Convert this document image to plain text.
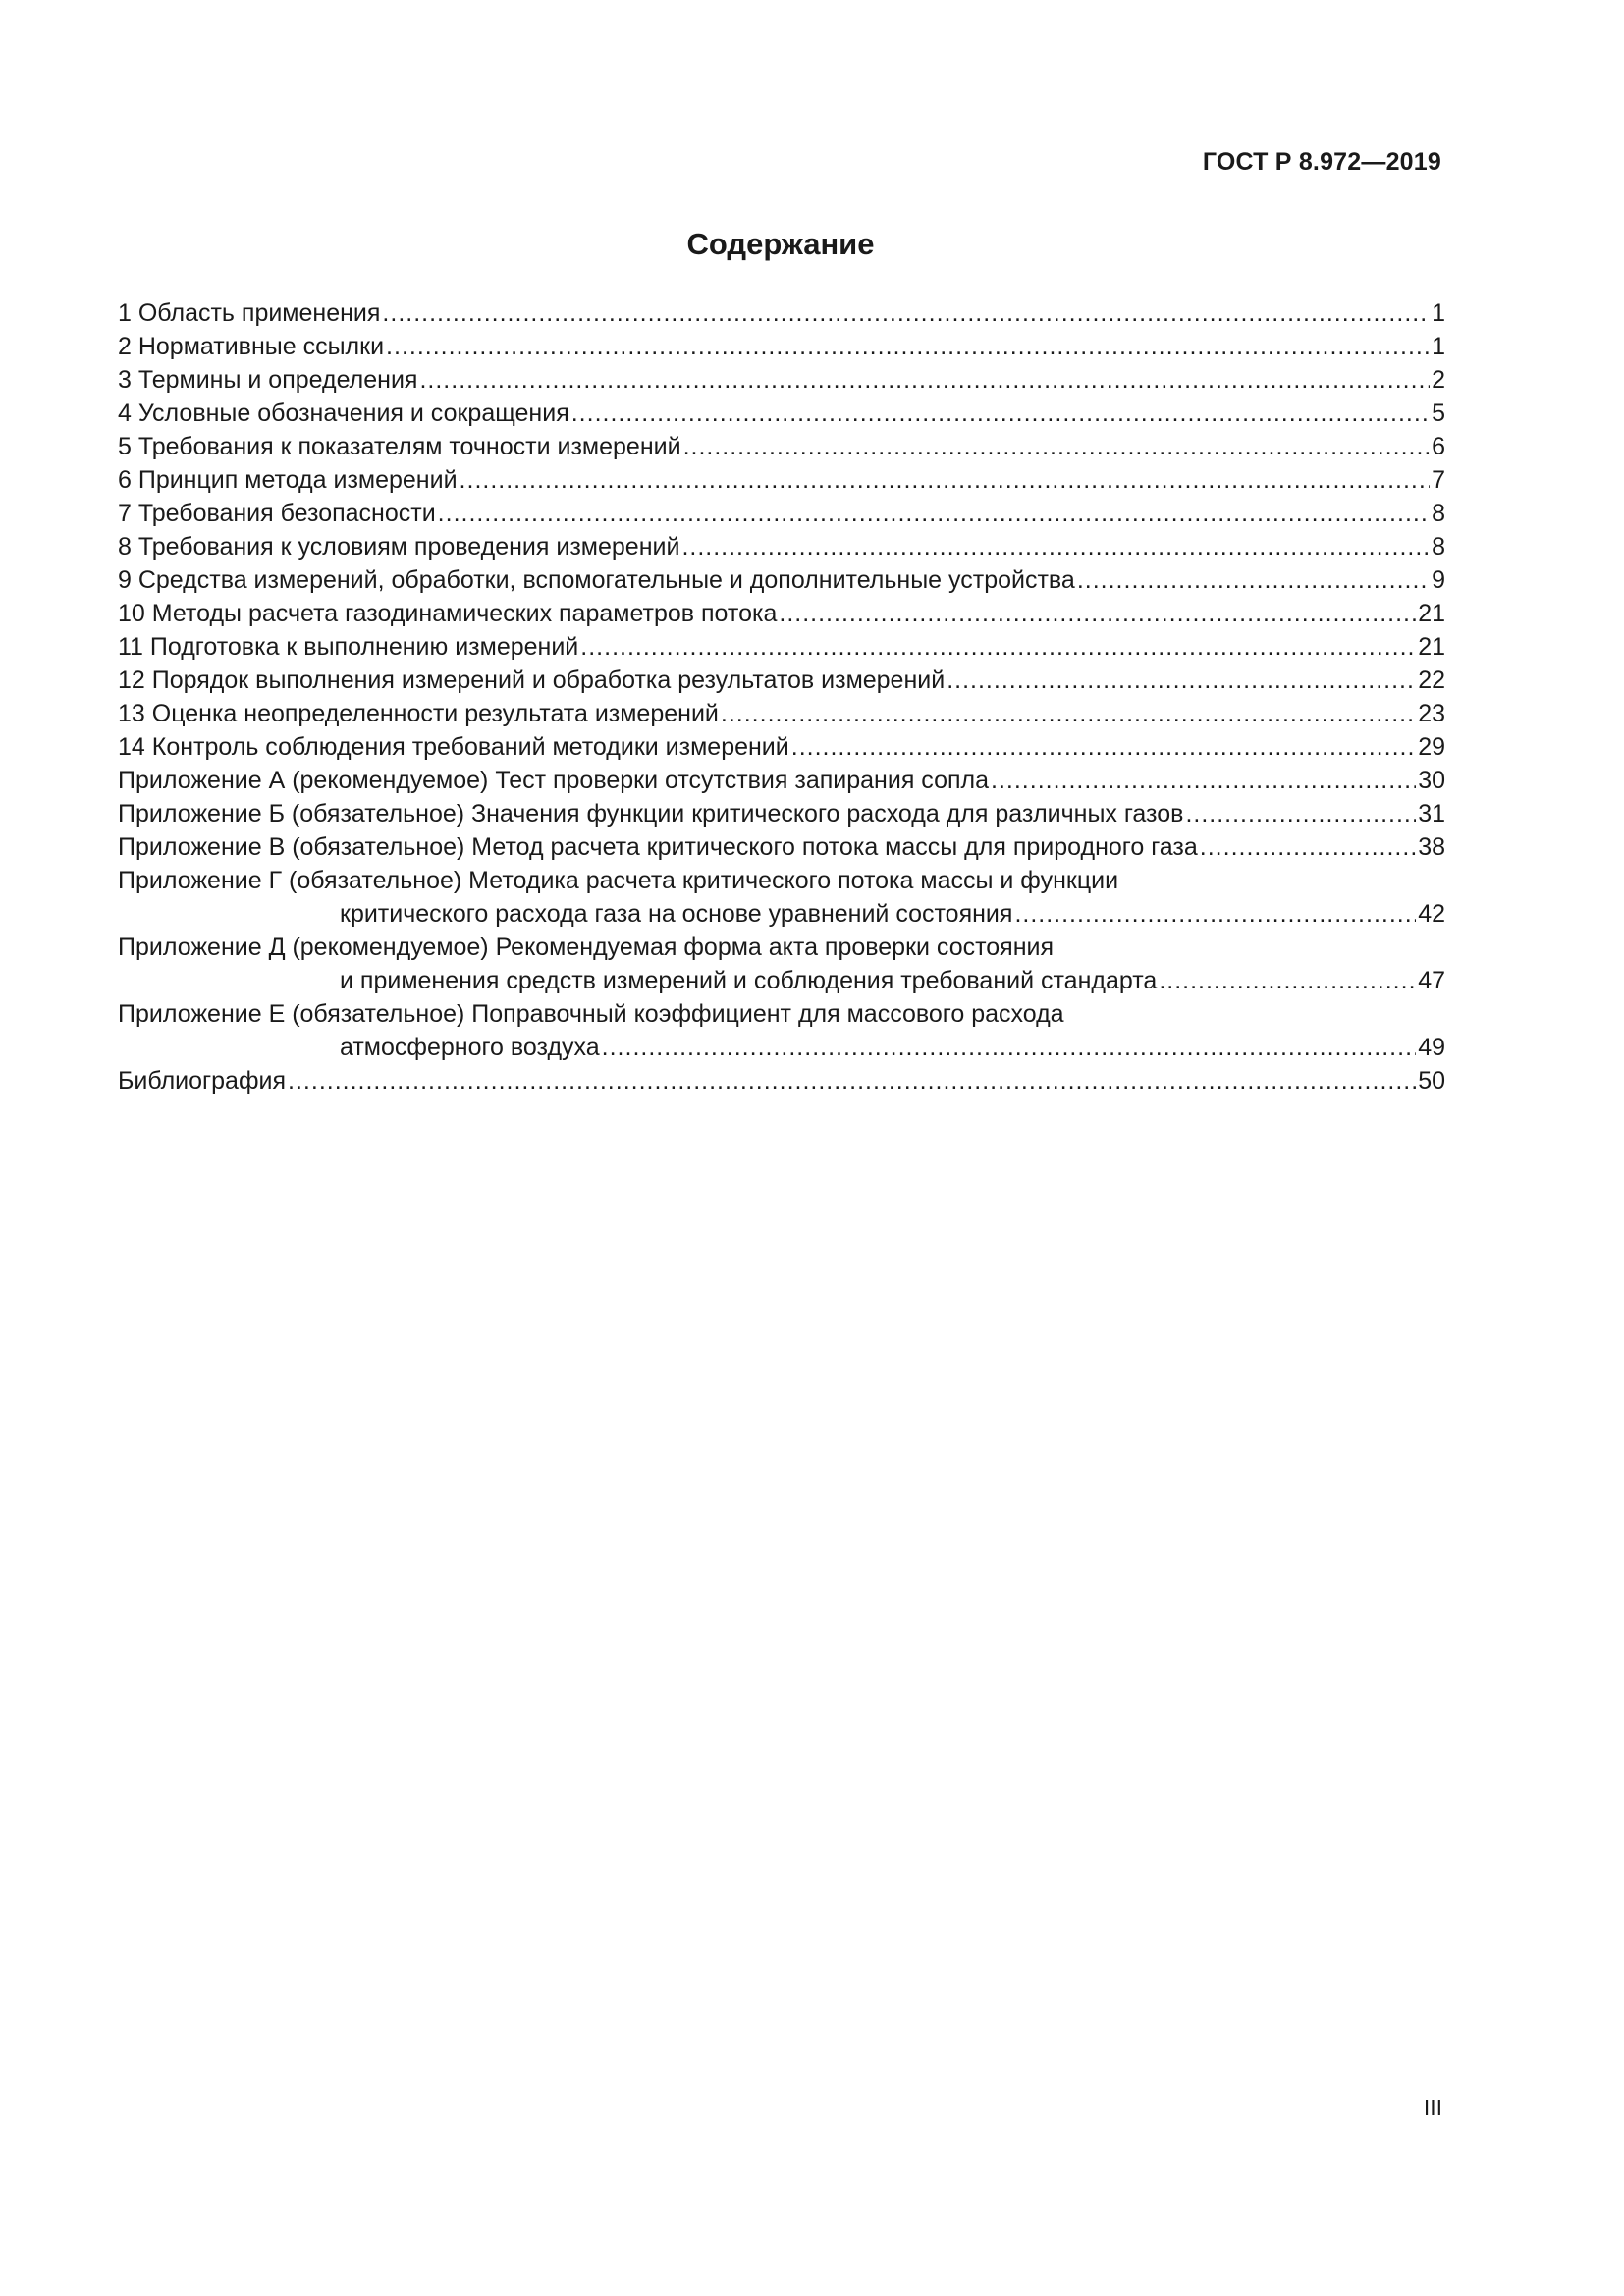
ГОСТ Р 8.972—2019
Содержание
1 Область применения .....	1
2 Нормативные ссылки .....	1
3 Термины и определения .....	2
4 Условные обозначения и сокращения .....	5
5 Требования к показателям точности измерений .....	6
6 Принцип метода измерений .....	7
7 Требования безопасности .....	8
8 Требования к условиям проведения измерений .....	8
9 Средства измерений, обработки, вспомогательные и дополнительные устройства .....	9
10 Методы расчета газодинамических параметров потока .....	21
11 Подготовка к выполнению измерений .....	21
12 Порядок выполнения измерений и обработка результатов измерений .....	22
13 Оценка неопределенности результата измерений .....	23
14 Контроль соблюдения требований методики измерений .....	29
Приложение А (рекомендуемое) Тест проверки отсутствия запирания сопла .....	30
Приложение Б (обязательное) Значения функции критического расхода для различных газов .....	31
Приложение В (обязательное) Метод расчета критического потока массы для природного газа .....	38
Приложение Г (обязательное) Методика расчета критического потока массы и функции
критического расхода газа на основе уравнений состояния .....	42
Приложение Д (рекомендуемое) Рекомендуемая форма акта проверки состояния
и применения средств измерений и соблюдения требований стандарта .....	47
Приложение Е (обязательное) Поправочный коэффициент для массового расхода
атмосферного воздуха .....	49
Библиография .....	50
III
